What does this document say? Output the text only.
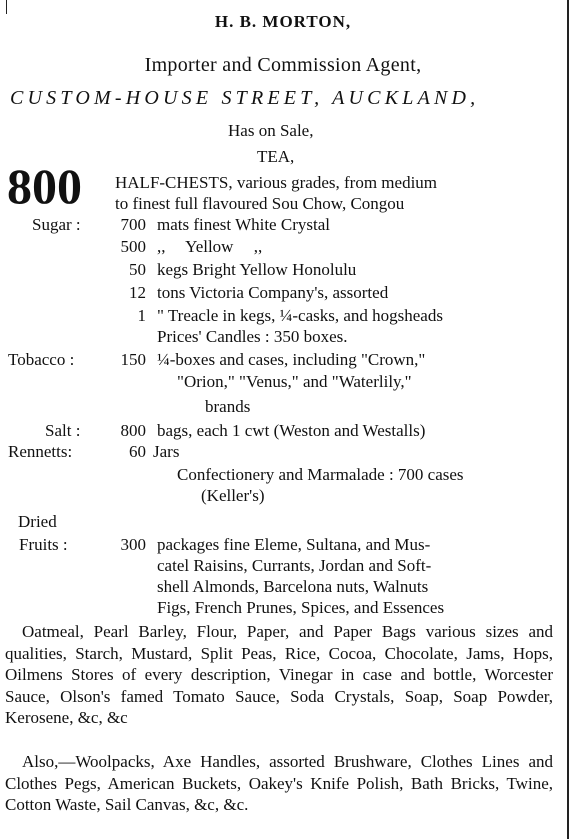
H. B. MORTON,
Importer and Commission Agent,
CUSTOM-HOUSE STREET, AUCKLAND,
Has on Sale,
TEA,
800 HALF-CHESTS, various grades, from medium
to finest full flavoured Sou Chow, Congou
Sugar :	700 mats finest White Crystal
500 ,, Yellow ,,
50 kegs Bright Yellow Honolulu
12 tons Victoria Company's, assorted
1 " Treacle in kegs, ¼-casks, and hogsheads
Prices' Candles : 350 boxes.
Tobacco :	150 ¼-boxes and cases, including "Crown,"
"Orion," "Venus," and "Waterlily,"
brands
Salt :	800 bags, each 1 cwt (Weston and Westalls)
Rennetts:	60 Jars
Confectionery and Marmalade : 700 cases
(Keller's)
Dried
Fruits :	300 packages fine Eleme, Sultana, and Mus-
catel Raisins, Currants, Jordan and Soft-
shell Almonds, Barcelona nuts, Walnuts
Figs, French Prunes, Spices, and Essences
Oatmeal, Pearl Barley, Flour, Paper, and Paper Bags various sizes and qualities, Starch, Mustard, Split Peas, Rice, Cocoa, Chocolate, Jams, Hops, Oilmens Stores of every description, Vinegar in case and bottle, Worcester Sauce, Olson's famed Tomato Sauce, Soda Crystals, Soap, Soap Powder, Kerosene, &c, &c
Also,—Woolpacks, Axe Handles, assorted Brushware, Clothes Lines and Clothes Pegs, American Buckets, Oakey's Knife Polish, Bath Bricks, Twine, Cotton Waste, Sail Canvas, &c, &c.
